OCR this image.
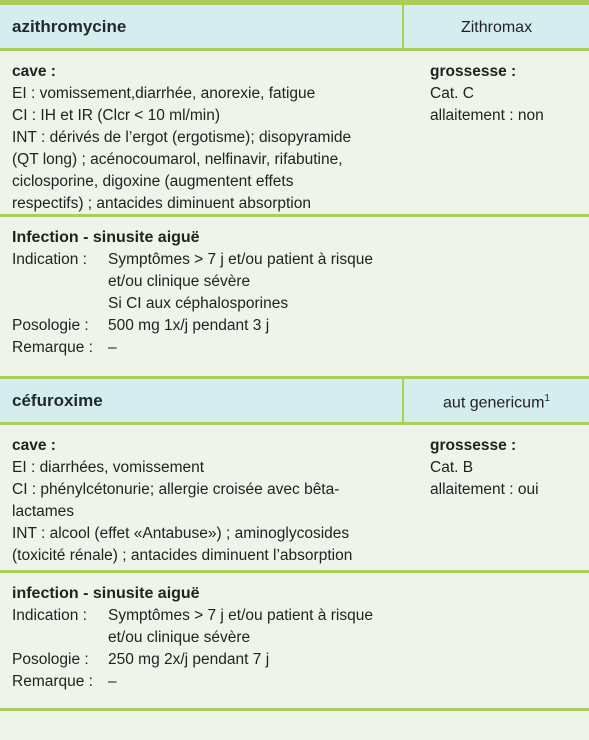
azithromycine	Zithromax
cave :
EI : vomissement,diarrhée, anorexie, fatigue
CI : IH et IR (Clcr < 10 ml/min)
INT : dérivés de l’ergot (ergotisme); disopyramide
(QT long) ; acénocoumarol, nelfinavir, rifabutine,
ciclosporine, digoxine (augmentent effets
respectifs) ; antacides diminuent absorption
grossesse :
Cat. C
allaitement : non
Infection - sinusite aiguë
Indication :	Symptômes > 7 j et/ou patient à risque
et/ou clinique sévère
Si CI aux céphalosporines
Posologie :	500 mg 1x/j pendant 3 j
Remarque : –
céfuroxime	aut genericum$^1$
cave :
EI : diarrhées, vomissement
CI : phénylcétonurie; allergie croisée avec bêta-
lactames
INT : alcool (effet «Antabuse») ; aminoglycosides
(toxicité rénale) ; antacides diminuent l’absorption
grossesse :
Cat. B
allaitement : oui
infection - sinusite aiguë
Indication :	Symptômes > 7 j et/ou patient à risque
et/ou clinique sévère
Posologie :	250 mg 2x/j pendant 7 j
Remarque : –
